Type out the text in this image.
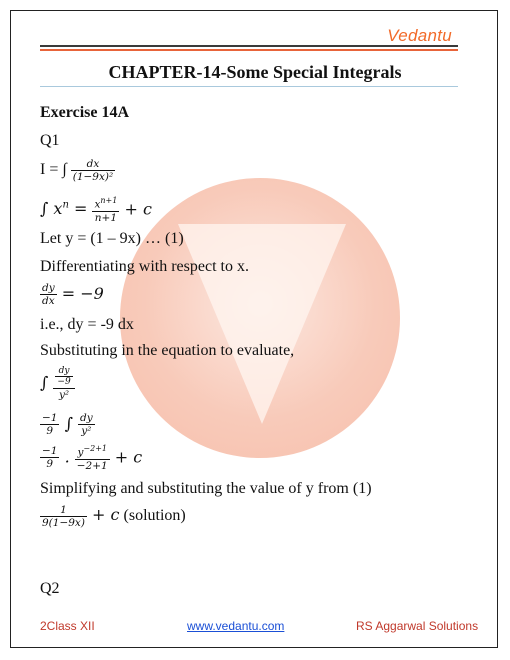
Vedantu
CHAPTER-14-Some Special Integrals
Exercise 14A
Q1
I = ∫ $\frac{dx}{\text{(1−9x)²}}$
∫ $x^n = \frac{x^{n+1}}{n+1} + c$
Let y = (1 – 9x) … (1)
Differentiating with respect to x.
$\frac{dy}{dx} = -9$
i.e., dy = -9 dx
Substituting in the equation to evaluate,
∫ $\frac{\frac{dy}{-9}}{\text{y²}}$
$\frac{-1}{9}$ ∫ $\frac{dy}{\text{y²}}$
$\frac{-1}{9}$ . $\frac{y^{-2+1}}{-2+1} + c$
Simplifying and substituting the value of y from (1)
$\frac{1}{9(1-9x)} + c$ (solution)
Q2
2Class XII	www.vedantu.com	RS Aggarwal Solutions
